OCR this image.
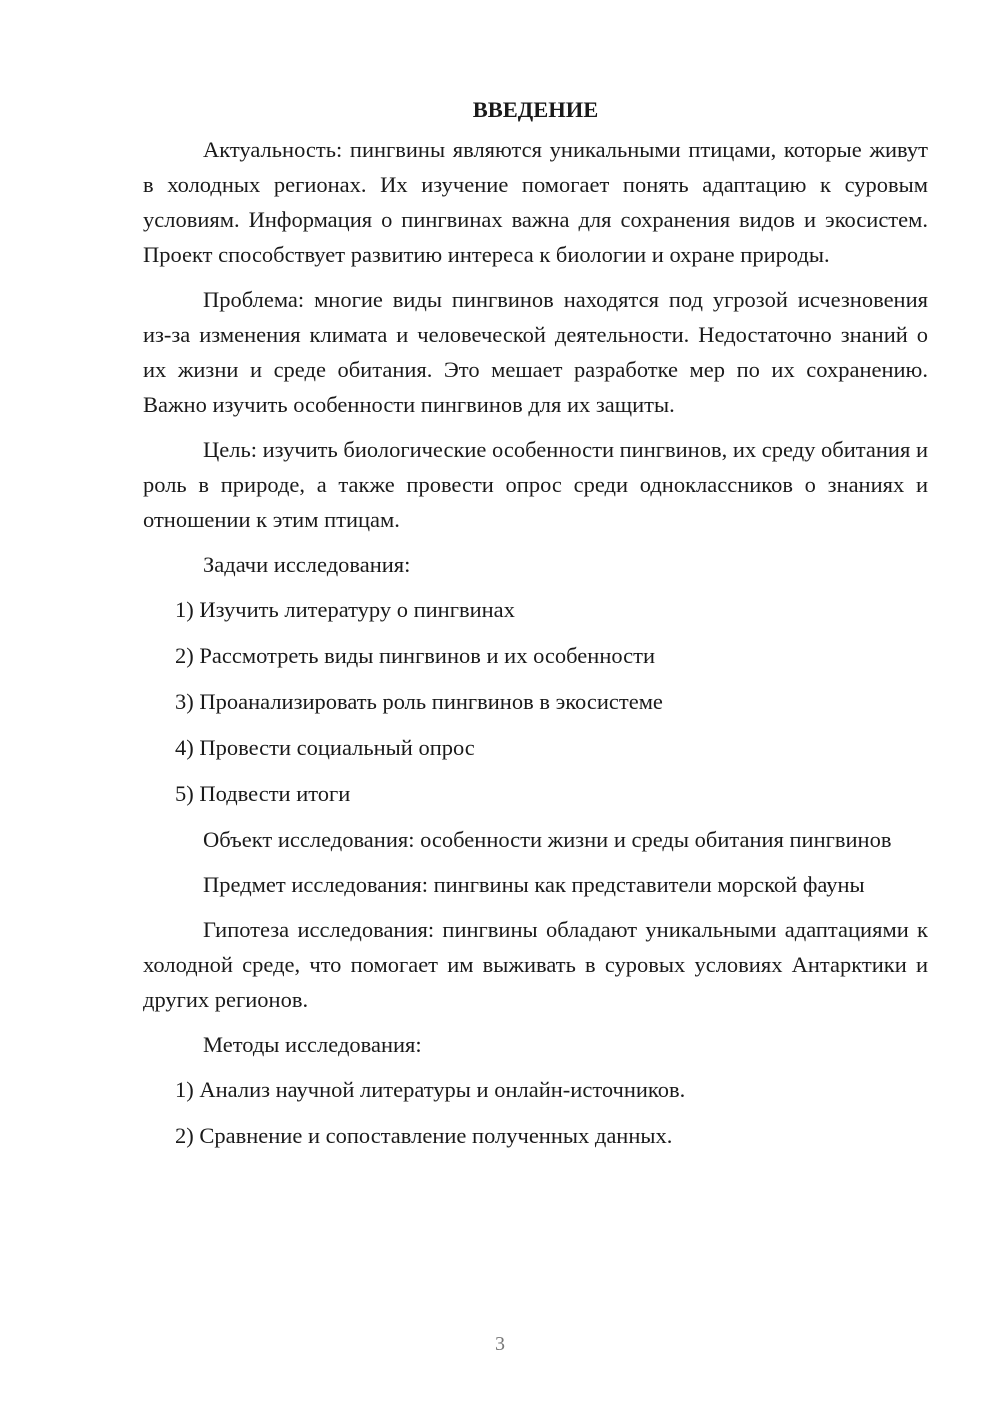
ВВЕДЕНИЕ

Актуальность: пингвины являются уникальными птицами, которые живут в холодных регионах. Их изучение помогает понять адаптацию к суровым условиям. Информация о пингвинах важна для сохранения видов и экосистем. Проект способствует развитию интереса к биологии и охране природы.

Проблема: многие виды пингвинов находятся под угрозой исчезновения из-за изменения климата и человеческой деятельности. Недостаточно знаний о их жизни и среде обитания. Это мешает разработке мер по их сохранению. Важно изучить особенности пингвинов для их защиты.

Цель: изучить биологические особенности пингвинов, их среду обитания и роль в природе, а также провести опрос среди одноклассников о знаниях и отношении к этим птицам.

Задачи исследования:
1) Изучить литературу о пингвинах
2) Рассмотреть виды пингвинов и их особенности
3) Проанализировать роль пингвинов в экосистеме
4) Провести социальный опрос
5) Подвести итоги

Объект исследования: особенности жизни и среды обитания пингвинов

Предмет исследования: пингвины как представители морской фауны

Гипотеза исследования: пингвины обладают уникальными адаптациями к холодной среде, что помогает им выживать в суровых условиях Антарктики и других регионов.

Методы исследования:
1) Анализ научной литературы и онлайн-источников.
2) Сравнение и сопоставление полученных данных.
3
